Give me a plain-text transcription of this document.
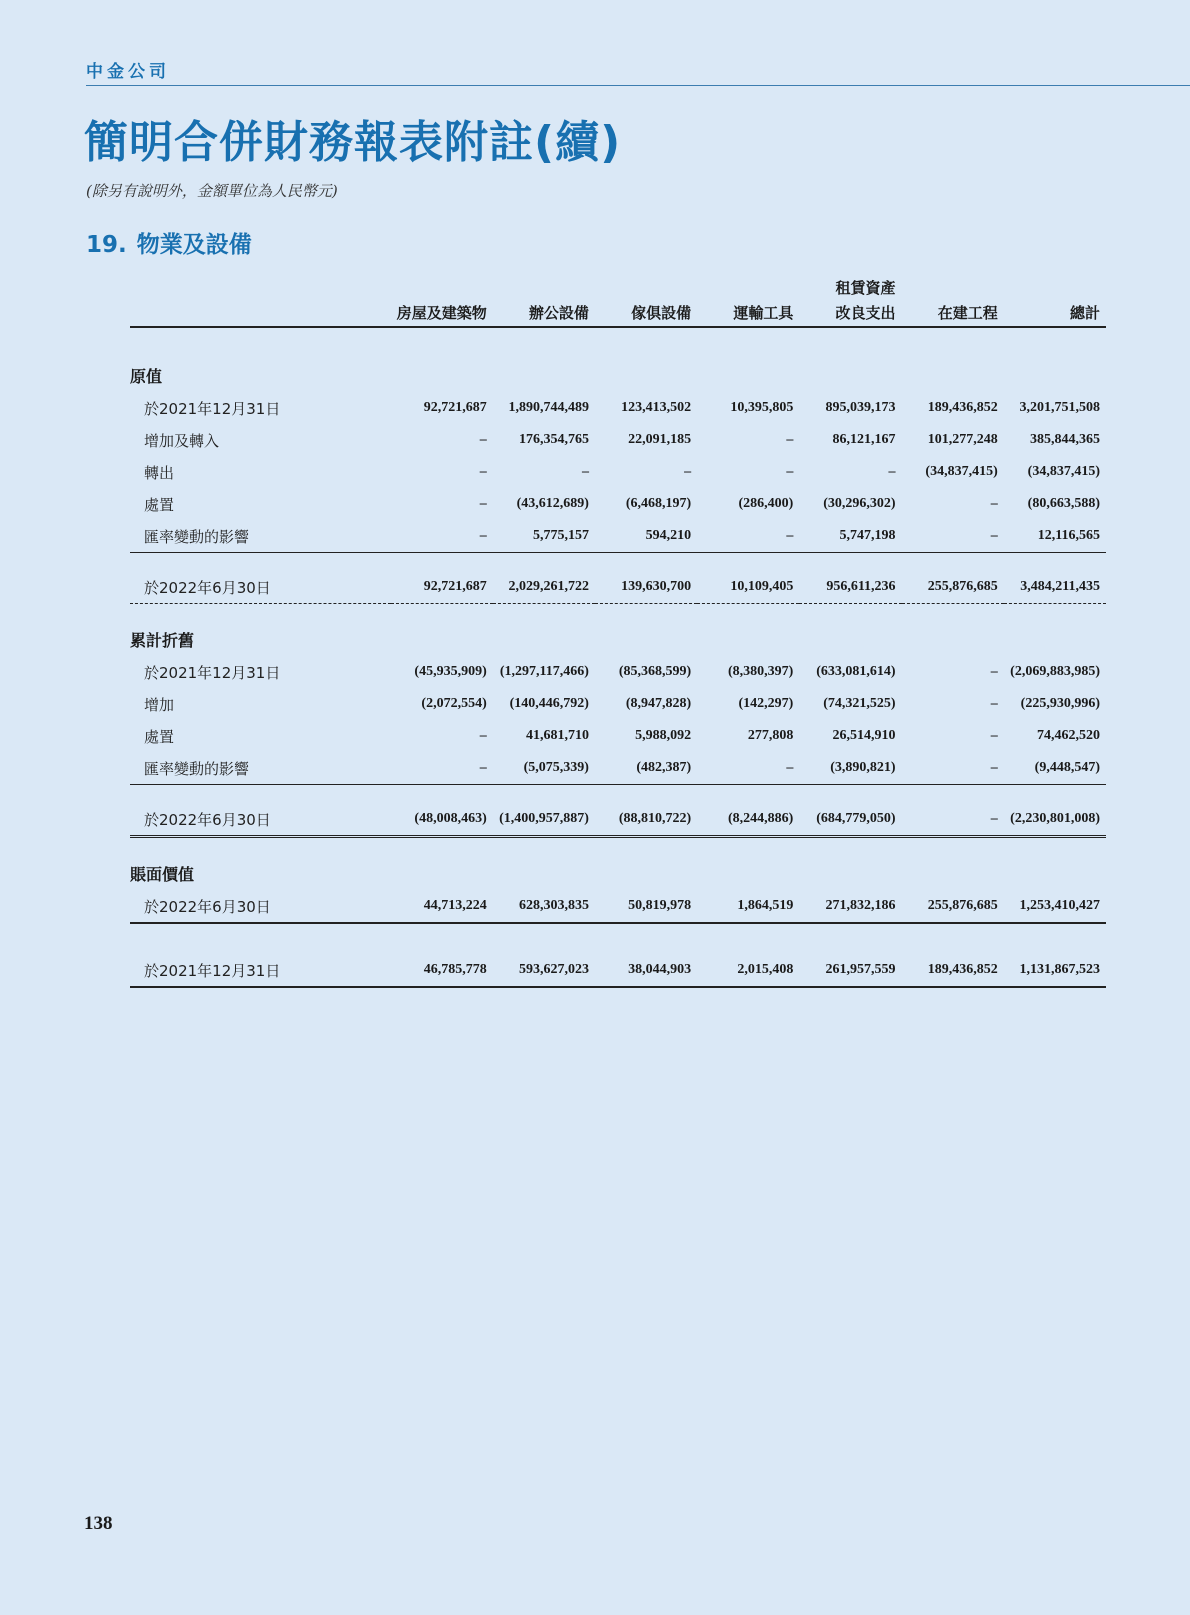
中金公司
簡明合併財務報表附註(續)
(除另有說明外，金額單位為人民幣元)
19. 物業及設備
					租賃資產		
	房屋及建築物	辦公設備	傢俱設備	運輸工具	改良支出	在建工程	總計

原值							
於2021年12月31日	92,721,687	1,890,744,489	123,413,502	10,395,805	895,039,173	189,436,852	3,201,751,508
增加及轉入	–	176,354,765	22,091,185	–	86,121,167	101,277,248	385,844,365
轉出	–	–	–	–	–	(34,837,415)	(34,837,415)
處置	–	(43,612,689)	(6,468,197)	(286,400)	(30,296,302)	–	(80,663,588)
匯率變動的影響	–	5,775,157	594,210	–	5,747,198	–	12,116,565

於2022年6月30日	92,721,687	2,029,261,722	139,630,700	10,109,405	956,611,236	255,876,685	3,484,211,435

累計折舊							
於2021年12月31日	(45,935,909)	(1,297,117,466)	(85,368,599)	(8,380,397)	(633,081,614)	–	(2,069,883,985)
增加	(2,072,554)	(140,446,792)	(8,947,828)	(142,297)	(74,321,525)	–	(225,930,996)
處置	–	41,681,710	5,988,092	277,808	26,514,910	–	74,462,520
匯率變動的影響	–	(5,075,339)	(482,387)	–	(3,890,821)	–	(9,448,547)

於2022年6月30日	(48,008,463)	(1,400,957,887)	(88,810,722)	(8,244,886)	(684,779,050)	–	(2,230,801,008)

賬面價值							
於2022年6月30日	44,713,224	628,303,835	50,819,978	1,864,519	271,832,186	255,876,685	1,253,410,427

於2021年12月31日	46,785,778	593,627,023	38,044,903	2,015,408	261,957,559	189,436,852	1,131,867,523
138
